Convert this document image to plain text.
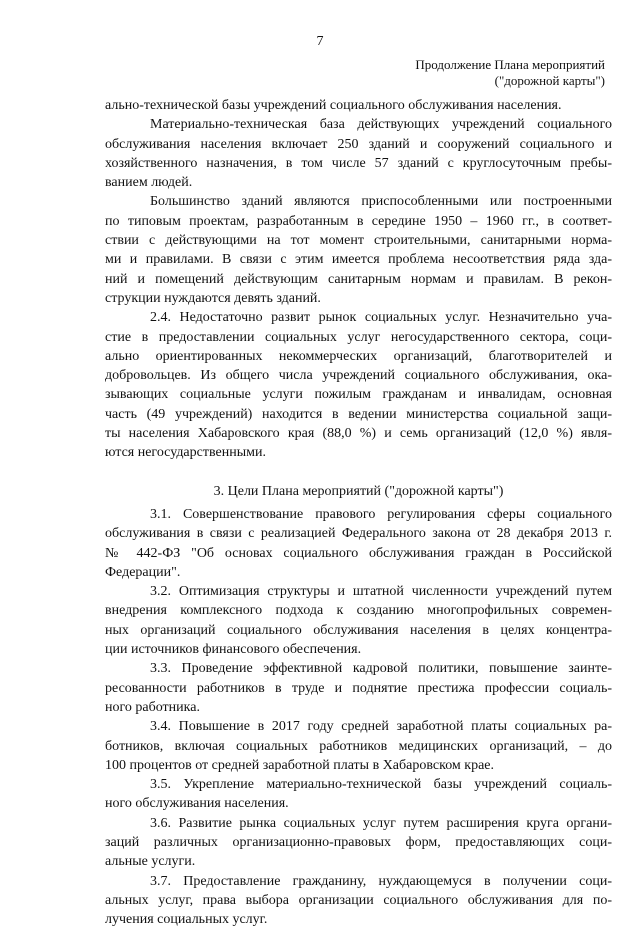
7
Продолжение Плана мероприятий
("дорожной карты")
ально-технической базы учреждений социального обслуживания населения.
Материально-техническая база действующих учреждений социального
обслуживания населения включает 250 зданий и сооружений социального и
хозяйственного назначения, в том числе 57 зданий с круглосуточным пребы-
ванием людей.
Большинство зданий являются приспособленными или построенными
по типовым проектам, разработанным в середине 1950 – 1960 гг., в соответ-
ствии с действующими на тот момент строительными, санитарными норма-
ми и правилами. В связи с этим имеется проблема несоответствия ряда зда-
ний и помещений действующим санитарным нормам и правилам. В рекон-
струкции нуждаются девять зданий.
2.4. Недостаточно развит рынок социальных услуг. Незначительно уча-
стие в предоставлении социальных услуг негосударственного сектора, соци-
ально ориентированных некоммерческих организаций, благотворителей и
добровольцев. Из общего числа учреждений социального обслуживания, ока-
зывающих социальные услуги пожилым гражданам и инвалидам, основная
часть (49 учреждений) находится в ведении министерства социальной защи-
ты населения Хабаровского края (88,0 %) и семь организаций (12,0 %) явля-
ются негосударственными.
3. Цели Плана мероприятий ("дорожной карты")
3.1. Совершенствование правового регулирования сферы социального
обслуживания в связи с реализацией Федерального закона от 28 декабря 2013 г.
№ 442-ФЗ "Об основах социального обслуживания граждан в Российской
Федерации".
3.2. Оптимизация структуры и штатной численности учреждений путем
внедрения комплексного подхода к созданию многопрофильных современ-
ных организаций социального обслуживания населения в целях концентра-
ции источников финансового обеспечения.
3.3. Проведение эффективной кадровой политики, повышение заинте-
ресованности работников в труде и поднятие престижа профессии социаль-
ного работника.
3.4. Повышение в 2017 году средней заработной платы социальных ра-
ботников, включая социальных работников медицинских организаций, – до
100 процентов от средней заработной платы в Хабаровском крае.
3.5. Укрепление материально-технической базы учреждений социаль-
ного обслуживания населения.
3.6. Развитие рынка социальных услуг путем расширения круга органи-
заций различных организационно-правовых форм, предоставляющих соци-
альные услуги.
3.7. Предоставление гражданину, нуждающемуся в получении соци-
альных услуг, права выбора организации социального обслуживания для по-
лучения социальных услуг.
